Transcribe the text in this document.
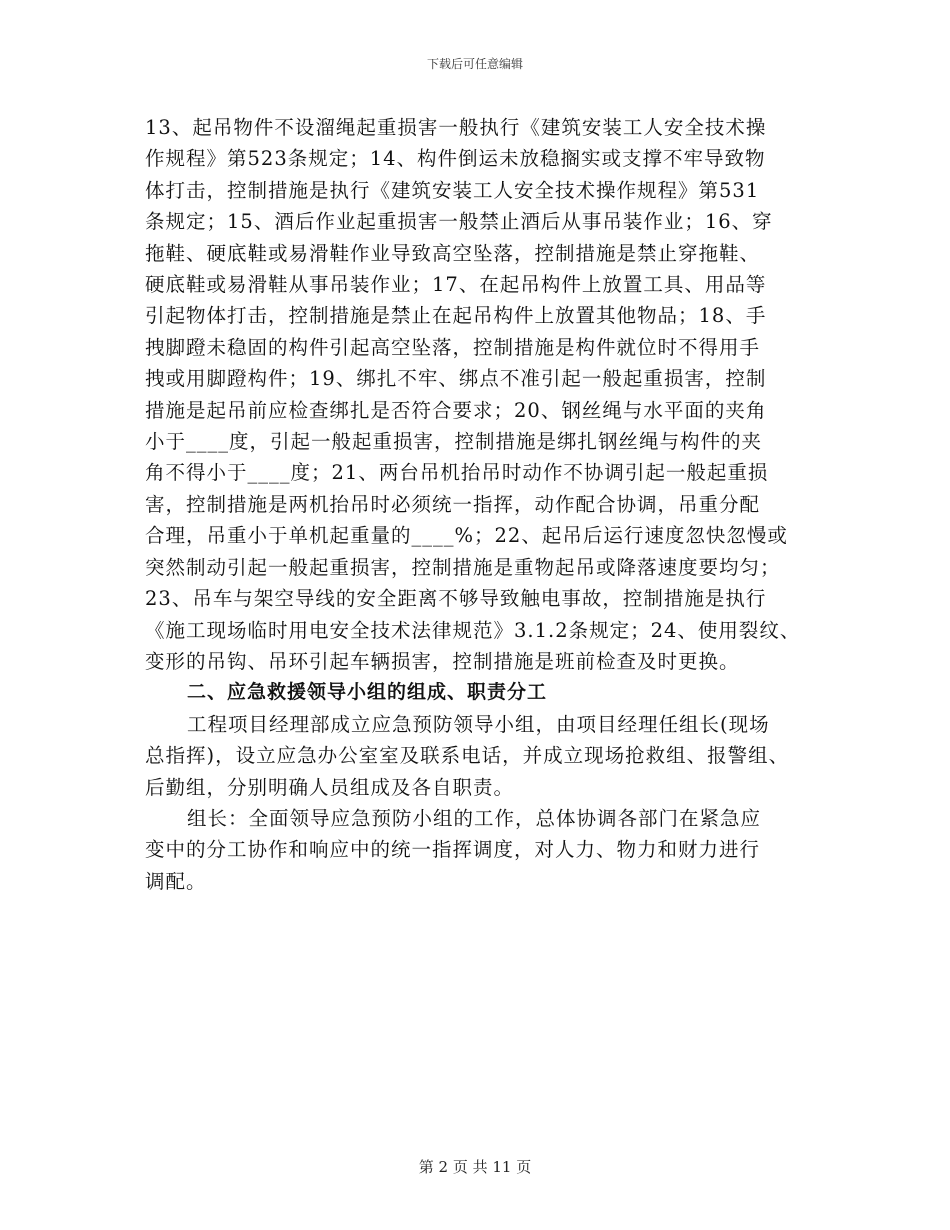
下载后可任意编辑
13、起吊物件不设溜绳起重损害一般执行《建筑安装工人安全技术操
作规程》第523条规定；14、构件倒运未放稳搁实或支撑不牢导致物
体打击，控制措施是执行《建筑安装工人安全技术操作规程》第531
条规定；15、酒后作业起重损害一般禁止酒后从事吊装作业；16、穿
拖鞋、硬底鞋或易滑鞋作业导致高空坠落，控制措施是禁止穿拖鞋、
硬底鞋或易滑鞋从事吊装作业；17、在起吊构件上放置工具、用品等
引起物体打击，控制措施是禁止在起吊构件上放置其他物品；18、手
拽脚蹬未稳固的构件引起高空坠落，控制措施是构件就位时不得用手
拽或用脚蹬构件；19、绑扎不牢、绑点不准引起一般起重损害，控制
措施是起吊前应检查绑扎是否符合要求；20、钢丝绳与水平面的夹角
小于____度，引起一般起重损害，控制措施是绑扎钢丝绳与构件的夹
角不得小于____度；21、两台吊机抬吊时动作不协调引起一般起重损
害，控制措施是两机抬吊时必须统一指挥，动作配合协调，吊重分配
合理，吊重小于单机起重量的____%；22、起吊后运行速度忽快忽慢或
突然制动引起一般起重损害，控制措施是重物起吊或降落速度要均匀；
23、吊车与架空导线的安全距离不够导致触电事故，控制措施是执行
《施工现场临时用电安全技术法律规范》3.1.2条规定；24、使用裂纹、
变形的吊钩、吊环引起车辆损害，控制措施是班前检查及时更换。
二、应急救援领导小组的组成、职责分工
工程项目经理部成立应急预防领导小组，由项目经理任组长(现场
总指挥)，设立应急办公室室及联系电话，并成立现场抢救组、报警组、
后勤组，分别明确人员组成及各自职责。
组长：全面领导应急预防小组的工作，总体协调各部门在紧急应
变中的分工协作和响应中的统一指挥调度，对人力、物力和财力进行
调配。
第 2 页 共 11 页
